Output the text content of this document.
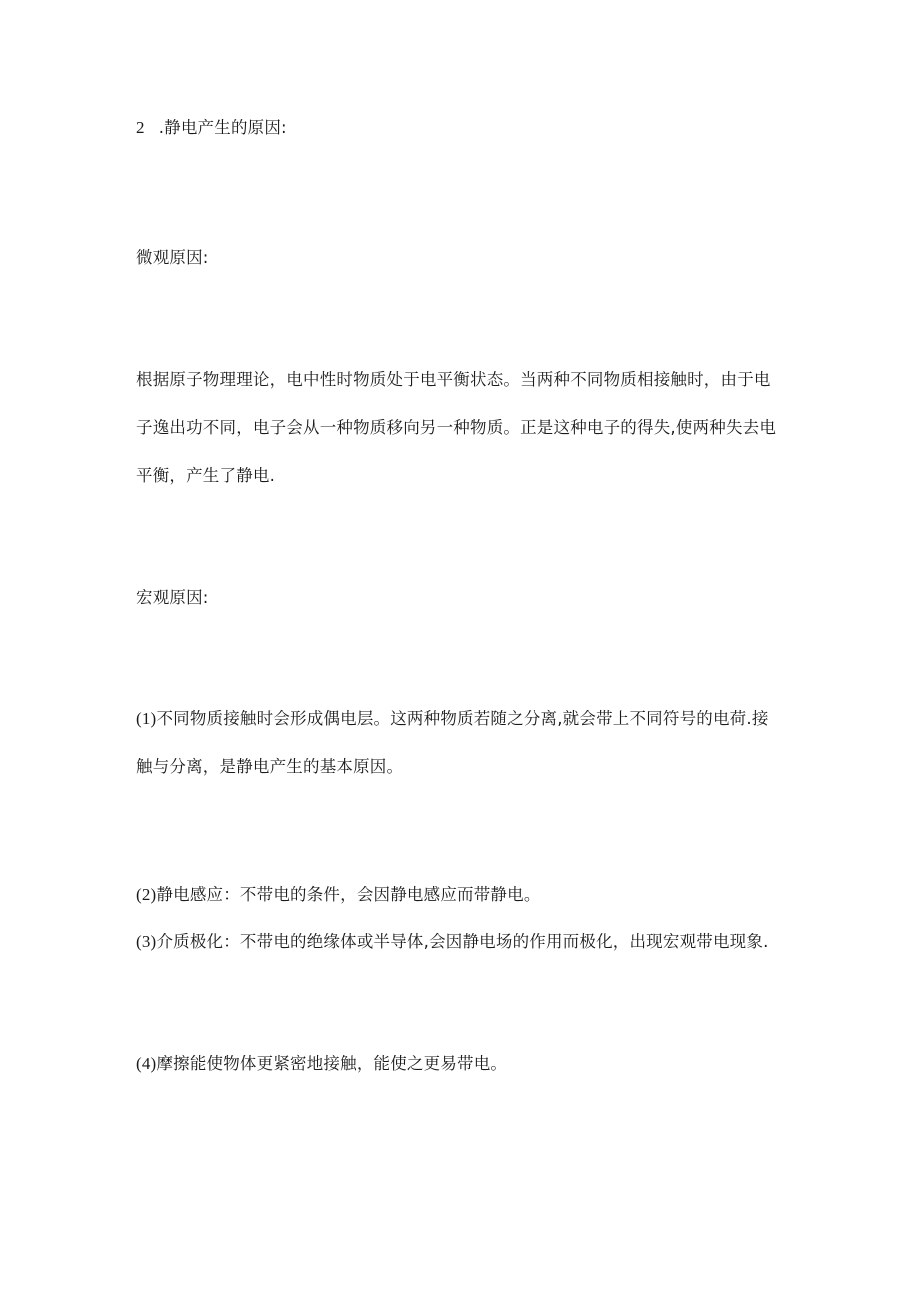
2 .静电产生的原因:
微观原因:
根据原子物理理论，电中性时物质处于电平衡状态。当两种不同物质相接触时，由于电
子逸出功不同，电子会从一种物质移向另一种物质。正是这种电子的得失,使两种失去电
平衡，产生了静电.
宏观原因:
(1)不同物质接触时会形成偶电层。这两种物质若随之分离,就会带上不同符号的电荷.接
触与分离，是静电产生的基本原因。
(2)静电感应：不带电的条件，会因静电感应而带静电。
(3)介质极化：不带电的绝缘体或半导体,会因静电场的作用而极化，出现宏观带电现象.
(4)摩擦能使物体更紧密地接触，能使之更易带电。
